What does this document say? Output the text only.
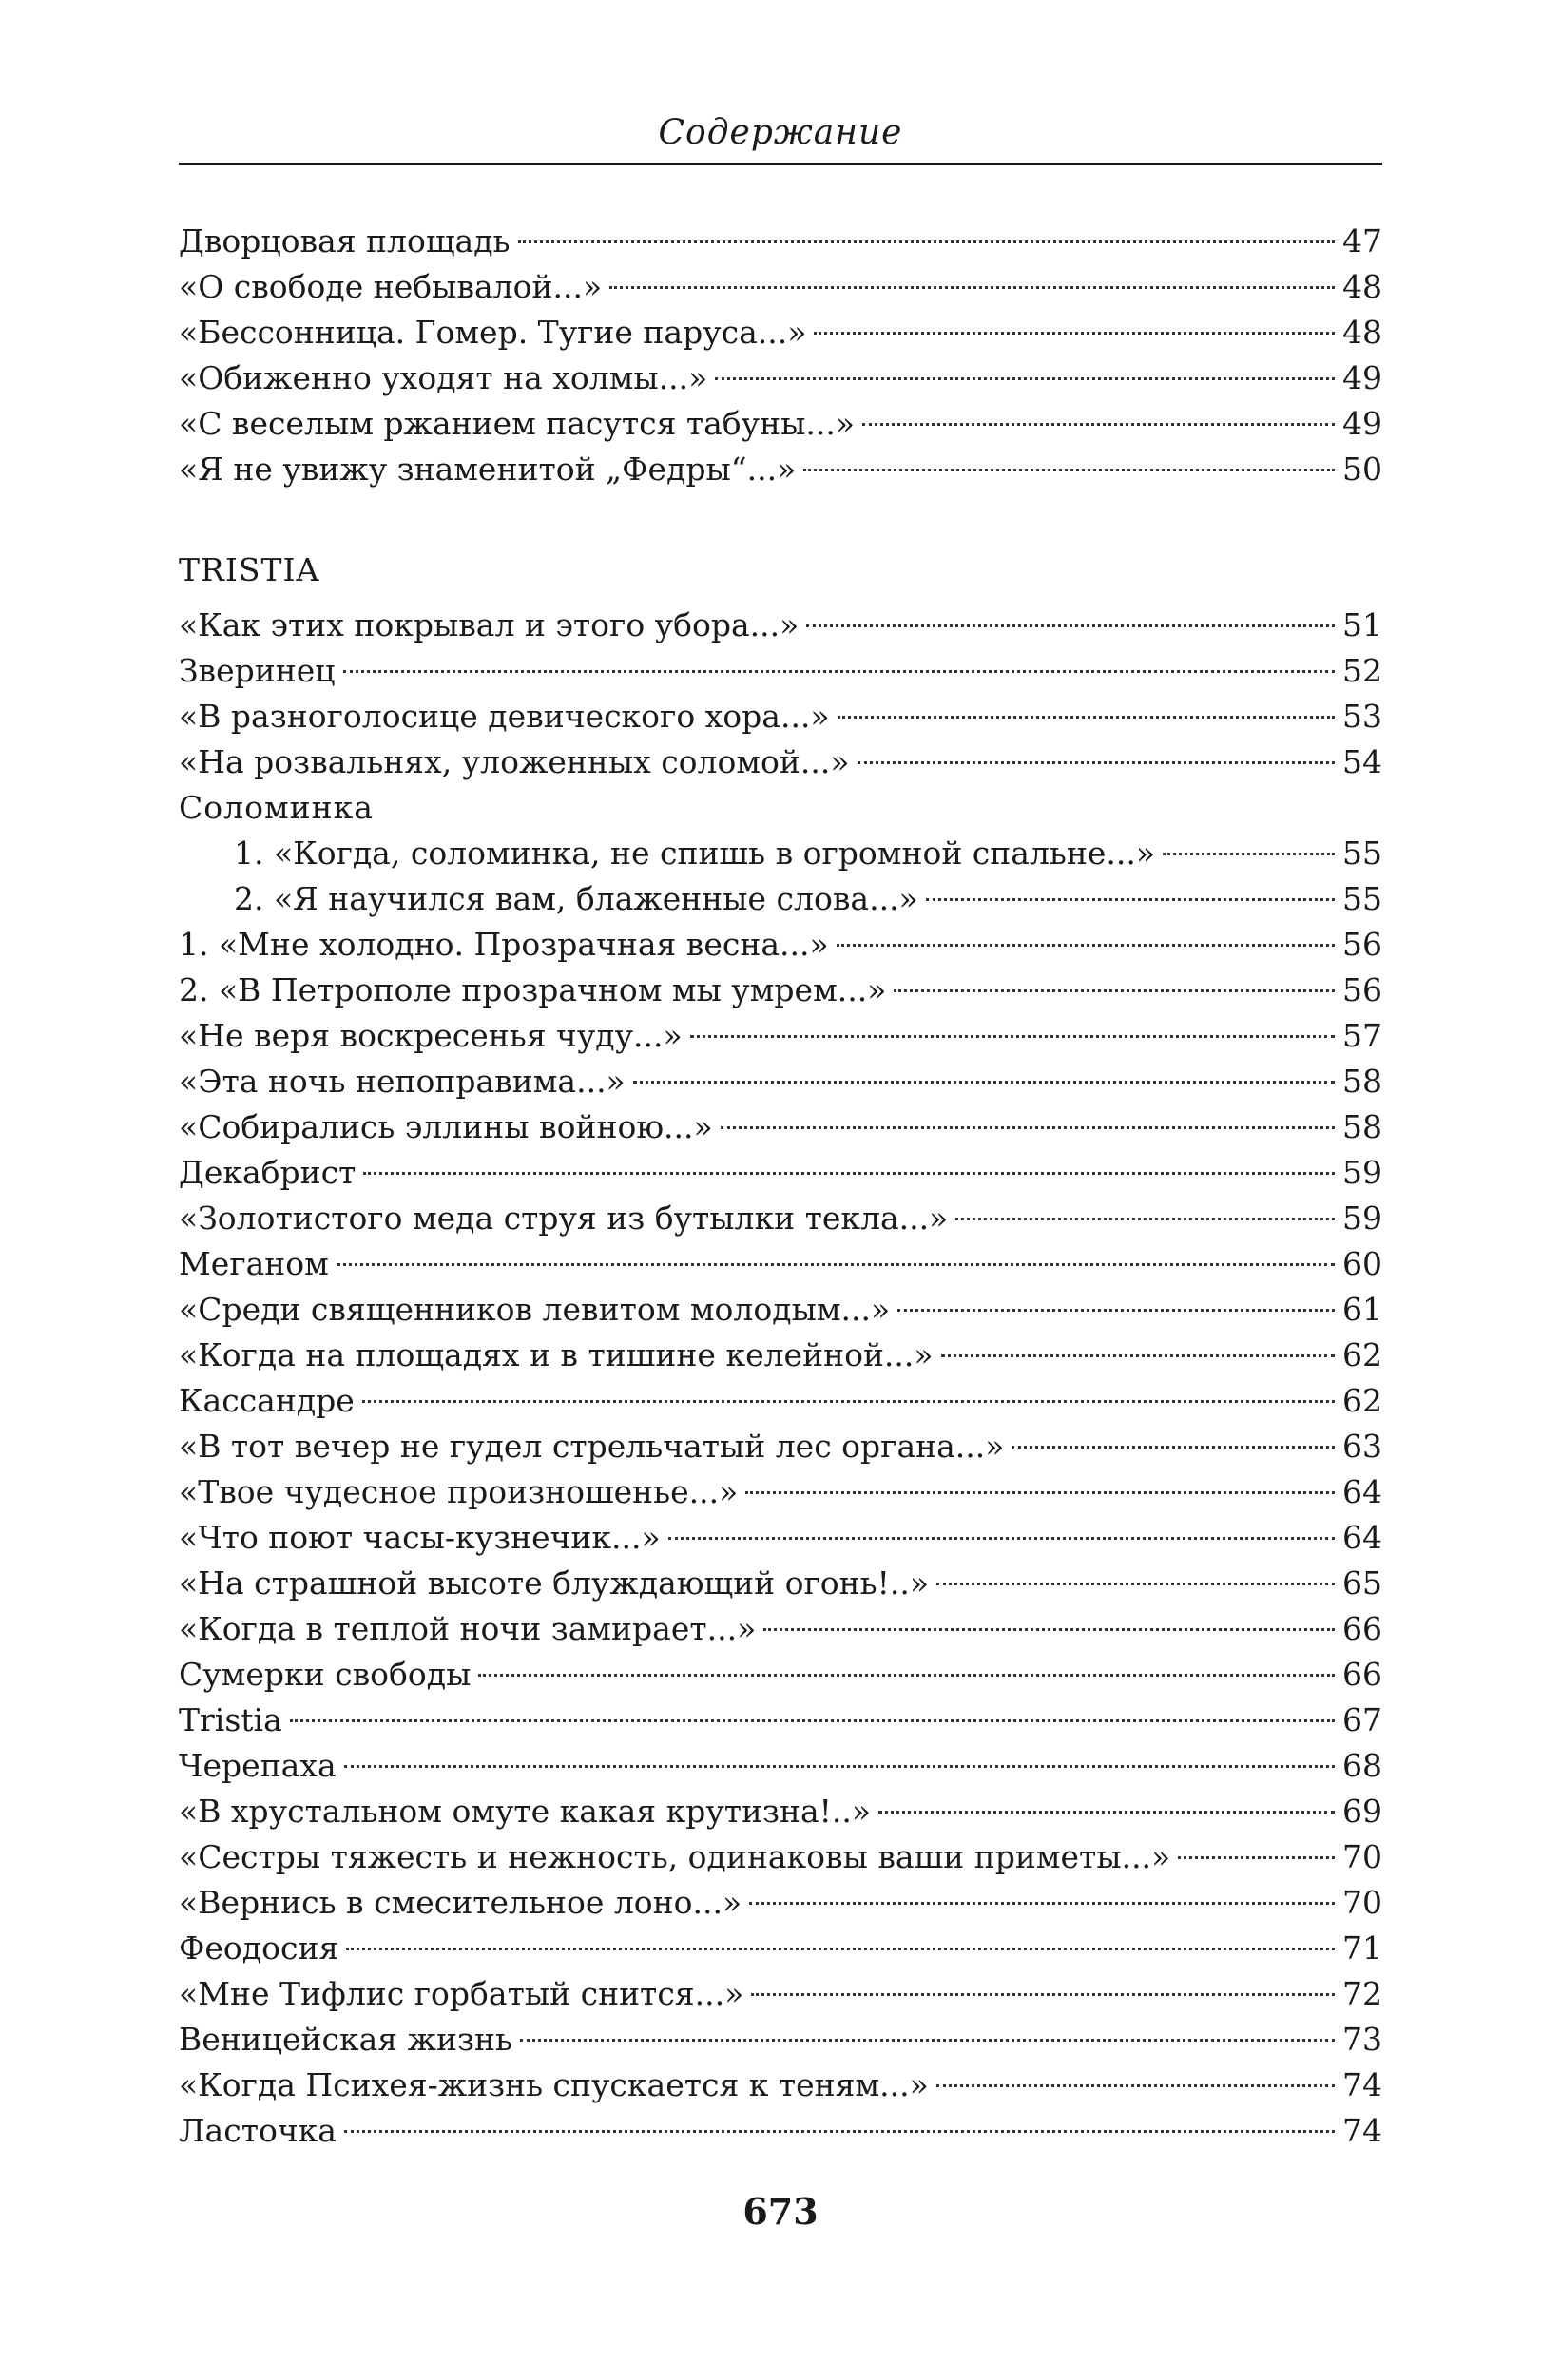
Содержание
Дворцовая площадь	47
«О свободе небывалой...»	48
«Бессонница. Гомер. Тугие паруса...»	48
«Обиженно уходят на холмы...»	49
«С веселым ржанием пасутся табуны...»	49
«Я не увижу знаменитой „Федры“...»	50
TRISTIA
«Как этих покрывал и этого убора...»	51
Зверинец	52
«В разноголосице девического хора...»	53
«На розвальнях, уложенных соломой...»	54
Соломинка
1. «Когда, соломинка, не спишь в огромной спальне...»	55
2. «Я научился вам, блаженные слова...»	55
1. «Мне холодно. Прозрачная весна...»	56
2. «В Петрополе прозрачном мы умрем...»	56
«Не веря воскресенья чуду...»	57
«Эта ночь непоправима...»	58
«Собирались эллины войною...»	58
Декабрист	59
«Золотистого меда струя из бутылки текла...»	59
Меганом	60
«Среди священников левитом молодым...»	61
«Когда на площадях и в тишине келейной...»	62
Кассандре	62
«В тот вечер не гудел стрельчатый лес органа...»	63
«Твое чудесное произношенье...»	64
«Что поют часы-кузнечик...»	64
«На страшной высоте блуждающий огонь!..»	65
«Когда в теплой ночи замирает...»	66
Сумерки свободы	66
Tristia	67
Черепаха	68
«В хрустальном омуте какая крутизна!..»	69
«Сестры тяжесть и нежность, одинаковы ваши приметы...»	70
«Вернись в смесительное лоно...»	70
Феодосия	71
«Мне Тифлис горбатый снится...»	72
Веницейская жизнь	73
«Когда Психея-жизнь спускается к теням...»	74
Ласточка	74
673
